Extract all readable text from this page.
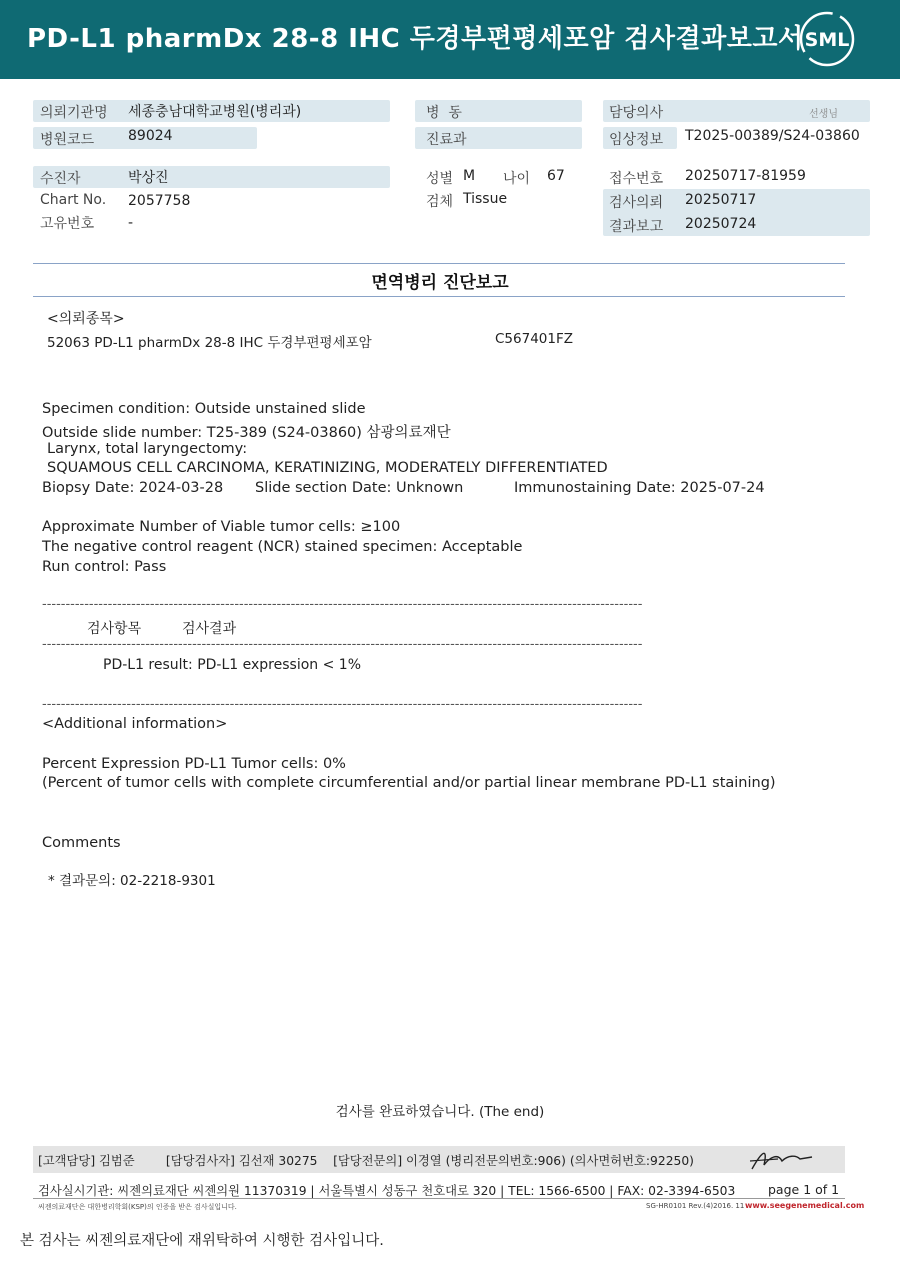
PD-L1 pharmDx 28-8 IHC 두경부편평세포암 검사결과보고서 SML
의뢰기관명 세종충남대학교병원(병리과)
병원코드 89024
병  동
진료과
담당의사	선생님
임상정보 T2025-00389/S24-03860
수진자	박상진
Chart No. 2057758
고유번호 -
성별 M 나이 67
검체 Tissue
접수번호 20250717-81959
검사의뢰 20250717
결과보고 20250724
면역병리 진단보고
<의뢰종목>
52063 PD-L1 pharmDx 28-8 IHC 두경부편평세포암	C567401FZ
Specimen condition: Outside unstained slide
Outside slide number: T25-389 (S24-03860) 삼광의료재단
Larynx, total laryngectomy:
SQUAMOUS CELL CARCINOMA, KERATINIZING, MODERATELY DIFFERENTIATED
Biopsy Date: 2024-03-28 Slide section Date: Unknown	Immunostaining Date: 2025-07-24
Approximate Number of Viable tumor cells: ≥100
The negative control reagent (NCR) stained specimen: Acceptable
Run control: Pass
--------------------------------------------------------------------------------------------------------------------------------
검사항목	검사결과
--------------------------------------------------------------------------------------------------------------------------------
PD-L1 result: PD-L1 expression < 1%
--------------------------------------------------------------------------------------------------------------------------------
<Additional information>
Percent Expression PD-L1 Tumor cells: 0%
(Percent of tumor cells with complete circumferential and/or partial linear membrane PD-L1 staining)
Comments
* 결과문의: 02-2218-9301
검사를 완료하였습니다. (The end)
[고객담당] 김범준        [담당검사자] 김선재 30275    [담당전문의] 이경열 (병리전문의번호:906) (의사면허번호:92250)
검사실시기관: 씨젠의료재단 씨젠의원 11370319 | 서울특별시 성동구 천호대로 320 | TEL: 1566-6500 | FAX: 02-3394-6503	page 1 of 1
씨젠의료재단은 대한병리학회(KSP)의 인증을 받은 검사실입니다.	SG-HR0101 Rev.(4)2016. 11 www.seegenemedical.com
본 검사는 씨젠의료재단에 재위탁하여 시행한 검사입니다.
